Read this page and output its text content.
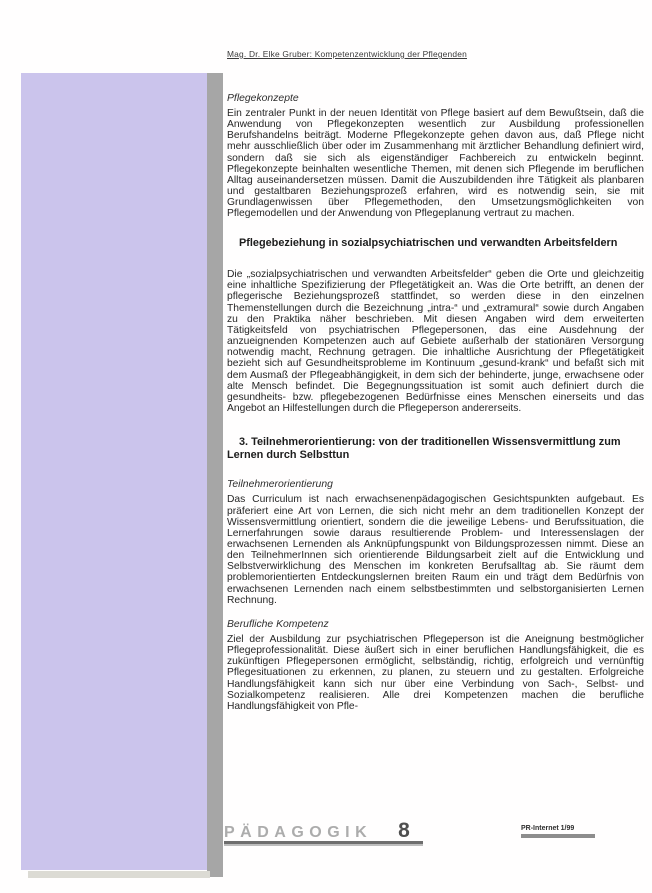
Mag. Dr. Elke Gruber: Kompetenzentwicklung der Pflegenden
Pflegekonzepte

Ein zentraler Punkt in der neuen Identität von Pflege basiert auf dem Bewußtsein, daß die Anwendung von Pflegekonzepten wesentlich zur Ausbildung professionellen Berufshandelns beiträgt. Moderne Pflegekonzepte gehen davon aus, daß Pflege nicht mehr ausschließlich über oder im Zusammenhang mit ärztlicher Behandlung definiert wird, sondern daß sie sich als eigenständiger Fachbereich zu entwickeln beginnt. Pflegekonzepte beinhalten wesentliche Themen, mit denen sich Pflegende im beruflichen Alltag auseinandersetzen müssen. Damit die Auszubildenden ihre Tätigkeit als planbaren und gestaltbaren Beziehungsprozeß erfahren, wird es notwendig sein, sie mit Grundlagenwissen über Pflegemethoden, den Umsetzungsmöglichkeiten von Pflegemodellen und der Anwendung von Pflegeplanung vertraut zu machen.

Pflegebeziehung in sozialpsychiatrischen und verwandten Arbeitsfeldern

Die „sozialpsychiatrischen und verwandten Arbeitsfelder“ geben die Orte und gleichzeitig eine inhaltliche Spezifizierung der Pflegetätigkeit an. Was die Orte betrifft, an denen der pflegerische Beziehungsprozeß stattfindet, so werden diese in den einzelnen Themenstellungen durch die Bezeichnung „intra-“ und „extramural“ sowie durch Angaben zu den Praktika näher beschrieben. Mit diesen Angaben wird dem erweiterten Tätigkeitsfeld von psychiatrischen Pflegepersonen, das eine Ausdehnung der anzueignenden Kompetenzen auch auf Gebiete außerhalb der stationären Versorgung notwendig macht, Rechnung getragen. Die inhaltliche Ausrichtung der Pflegetätigkeit bezieht sich auf Gesundheitsprobleme im Kontinuum „gesund-krank“ und befaßt sich mit dem Ausmaß der Pflegeabhängigkeit, in dem sich der behinderte, junge, erwachsene oder alte Mensch befindet. Die Begegnungssituation ist somit auch definiert durch die gesundheits- bzw. pflegebezogenen Bedürfnisse eines Menschen einerseits und das Angebot an Hilfestellungen durch die Pflegeperson andererseits.

3. Teilnehmerorientierung: von der traditionellen Wissensvermittlung zum Lernen durch Selbsttun
Teilnehmerorientierung

Das Curriculum ist nach erwachsenenpädagogischen Gesichtspunkten aufgebaut. Es präferiert eine Art von Lernen, die sich nicht mehr an dem traditionellen Konzept der Wissensvermittlung orientiert, sondern die die jeweilige Lebens- und Berufssituation, die Lernerfahrungen sowie daraus resultierende Problem- und Interessenslagen der erwachsenen Lernenden als Anknüpfungspunkt von Bildungsprozessen nimmt. Diese an den TeilnehmerInnen sich orientierende Bildungsarbeit zielt auf die Entwicklung und Selbstverwirklichung des Menschen im konkreten Berufsalltag ab. Sie räumt dem problemorientierten Entdeckungslernen breiten Raum ein und trägt dem Bedürfnis von erwachsenen Lernenden nach einem selbstbestimmten und selbstorganisierten Lernen Rechnung.

Berufliche Kompetenz

Ziel der Ausbildung zur psychiatrischen Pflegeperson ist die Aneignung bestmöglicher Pflegeprofessionalität. Diese äußert sich in einer beruflichen Handlungsfähigkeit, die es zukünftigen Pflegepersonen ermöglicht, selbständig, richtig, erfolgreich und vernünftig Pflegesituationen zu erkennen, zu planen, zu steuern und zu gestalten. Erfolgreiche Handlungsfähigkeit kann sich nur über eine Verbindung von Sach-, Selbst- und Sozialkompetenz realisieren. Alle drei Kompetenzen machen die berufliche Handlungsfähigkeit von Pfle-

PÄDAGOGIK 8	PR-Internet 1/99
